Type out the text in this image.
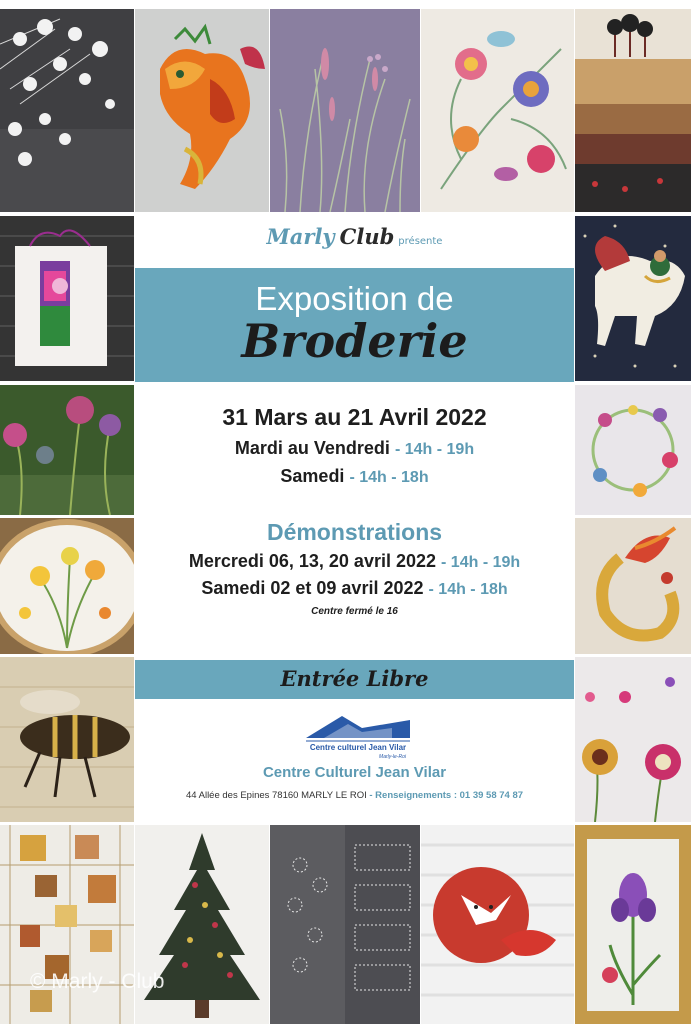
Marly Club présente
Exposition de
Broderie
31 Mars au 21 Avril 2022
Mardi au Vendredi - 14h - 19h
Samedi - 14h - 18h
Démonstrations
Mercredi 06, 13, 20 avril 2022 - 14h - 19h
Samedi 02 et 09 avril 2022 - 14h - 18h
Centre fermé le 16
Entrée Libre
Centre culturel Jean Vilar
Marly-le-Roi
Centre Culturel Jean Vilar
44 Allée des Epines 78160 MARLY LE ROI - Renseignements : 01 39 58 74 87
© Marly - Club
